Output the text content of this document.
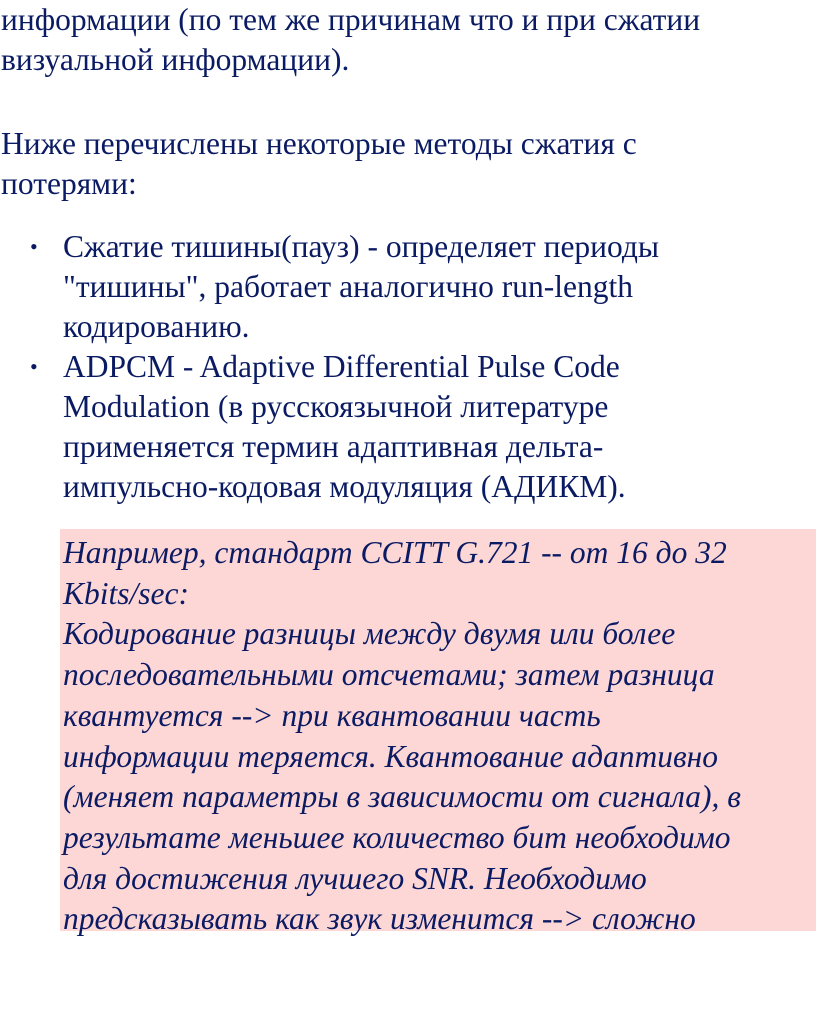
информации (по тем же причинам что и при сжатии
визуальной информации).

Ниже перечислены некоторые методы сжатия с
потерями:

• Сжатие тишины(пауз) - определяет периоды
"тишины", работает аналогично run-length
кодированию.
• ADPCM - Adaptive Differential Pulse Code
Modulation (в русскоязычной литературе
применяется термин адаптивная дельта-
импульсно-кодовая модуляция (АДИКМ).

Например, стандарт CCITT G.721 -- от 16 до 32
Kbits/sec:
Кодирование разницы между двумя или более
последовательными отсчетами; затем разница
квантуется --> при квантовании часть
информации теряется. Квантование адаптивно
(меняет параметры в зависимости от сигнала), в
результате меньшее количество бит необходимо
для достижения лучшего SNR. Необходимо
предсказывать как звук изменится --> сложно
